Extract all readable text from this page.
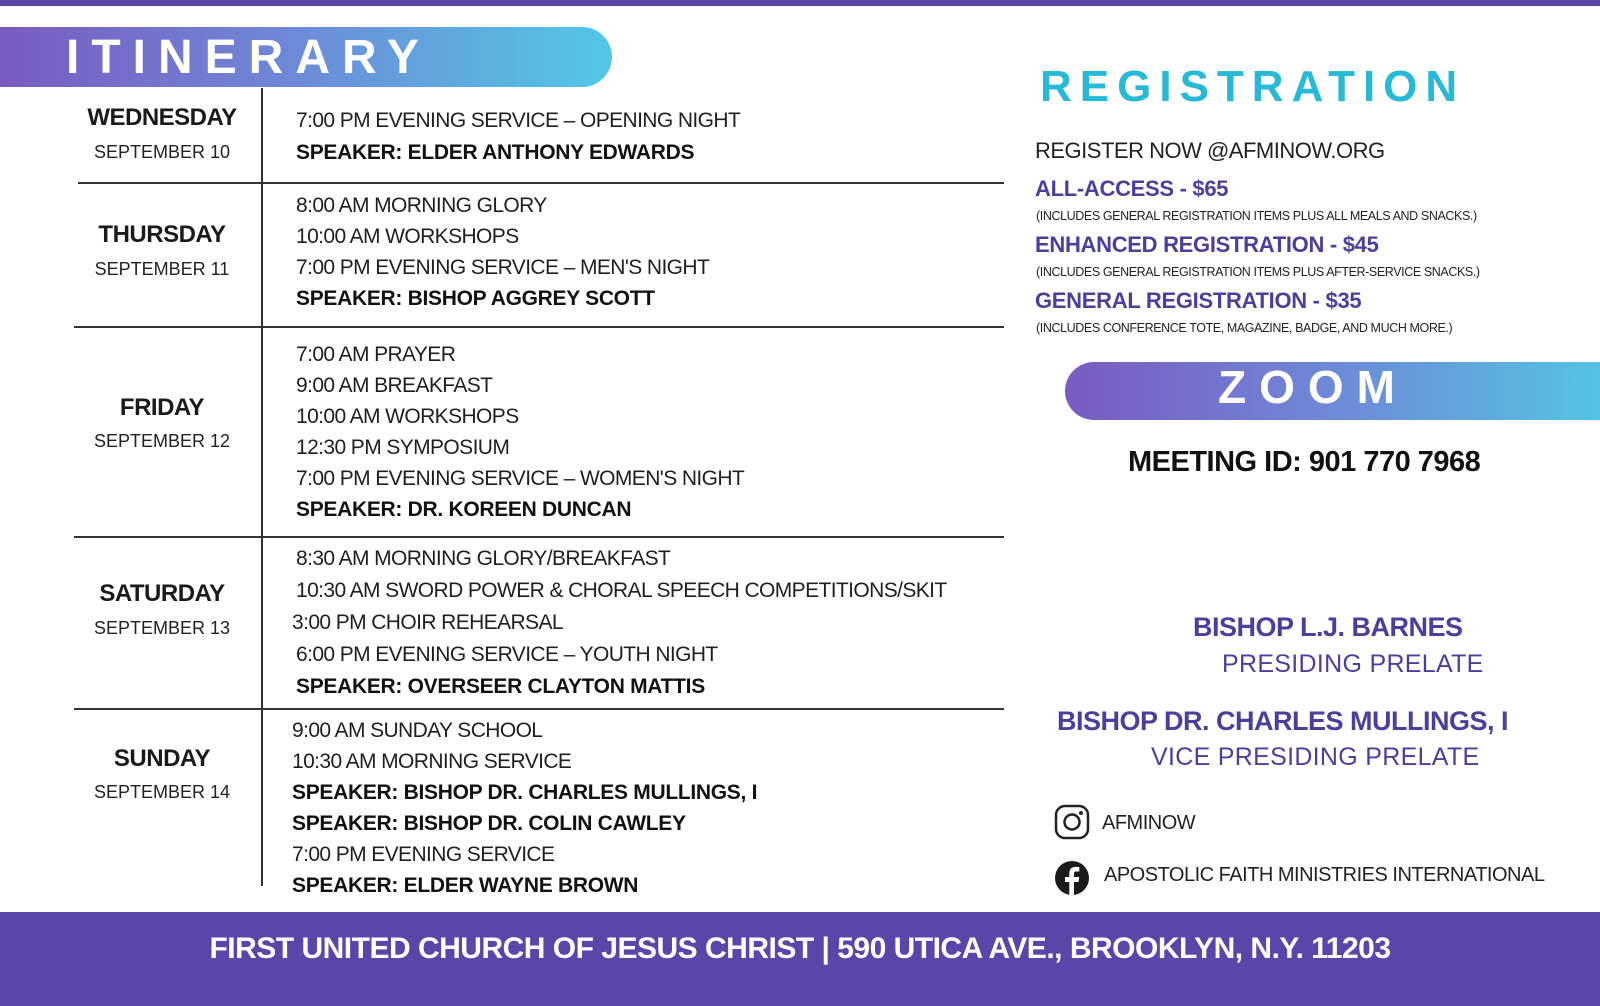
ITINERARY
WEDNESDAY
SEPTEMBER 10
7:00 PM EVENING SERVICE – OPENING NIGHT
SPEAKER: ELDER ANTHONY EDWARDS
THURSDAY
SEPTEMBER 11
8:00 AM MORNING GLORY
10:00 AM WORKSHOPS
7:00 PM EVENING SERVICE – MEN'S NIGHT
SPEAKER: BISHOP AGGREY SCOTT
FRIDAY
SEPTEMBER 12
7:00 AM PRAYER
9:00 AM BREAKFAST
10:00 AM WORKSHOPS
12:30 PM SYMPOSIUM
7:00 PM EVENING SERVICE – WOMEN'S NIGHT
SPEAKER: DR. KOREEN DUNCAN
SATURDAY
SEPTEMBER 13
8:30 AM MORNING GLORY/BREAKFAST
10:30 AM SWORD POWER & CHORAL SPEECH COMPETITIONS/SKIT
3:00 PM CHOIR REHEARSAL
6:00 PM EVENING SERVICE – YOUTH NIGHT
SPEAKER: OVERSEER CLAYTON MATTIS
SUNDAY
SEPTEMBER 14
9:00 AM SUNDAY SCHOOL
10:30 AM MORNING SERVICE
SPEAKER: BISHOP DR. CHARLES MULLINGS, I
SPEAKER: BISHOP DR. COLIN CAWLEY
7:00 PM EVENING SERVICE
SPEAKER: ELDER WAYNE BROWN
REGISTRATION
REGISTER NOW @AFMINOW.ORG
ALL-ACCESS - $65
(INCLUDES GENERAL REGISTRATION ITEMS PLUS ALL MEALS AND SNACKS.)
ENHANCED REGISTRATION - $45
(INCLUDES GENERAL REGISTRATION ITEMS PLUS AFTER-SERVICE SNACKS.)
GENERAL REGISTRATION - $35
(INCLUDES CONFERENCE TOTE, MAGAZINE, BADGE, AND MUCH MORE.)
ZOOM
MEETING ID: 901 770 7968
BISHOP L.J. BARNES
PRESIDING PRELATE
BISHOP DR. CHARLES MULLINGS, I
VICE PRESIDING PRELATE
AFMINOW
APOSTOLIC FAITH MINISTRIES INTERNATIONAL
FIRST UNITED CHURCH OF JESUS CHRIST | 590 UTICA AVE., BROOKLYN, N.Y. 11203
